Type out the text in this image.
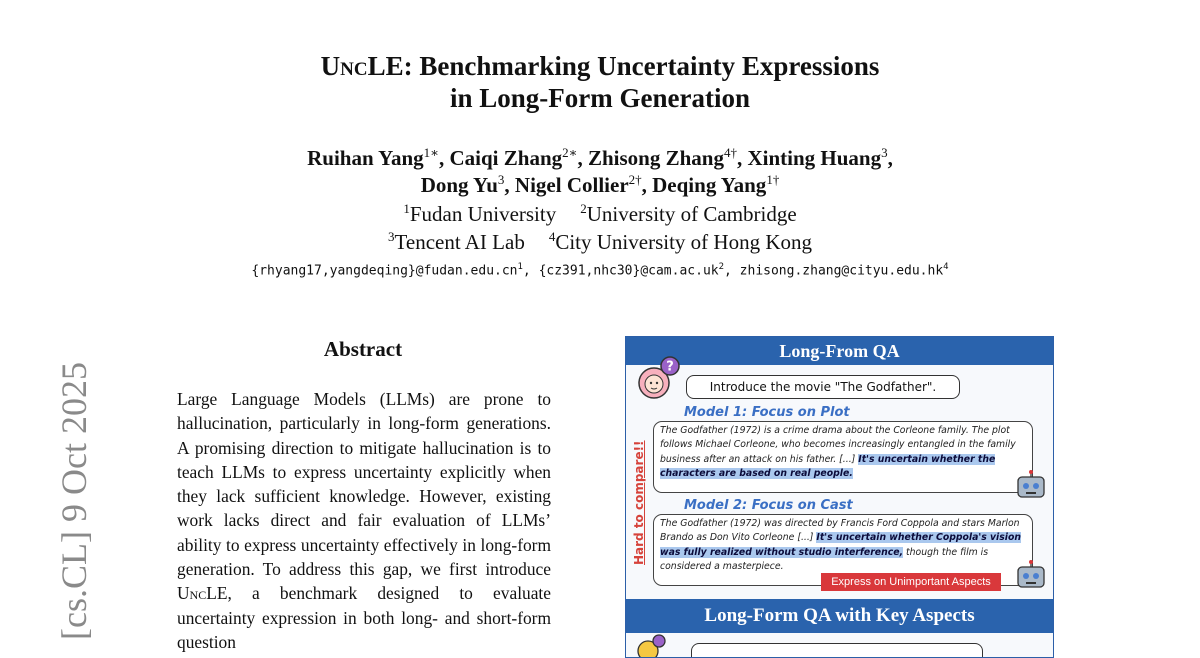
UncLE: Benchmarking Uncertainty Expressions
in Long-Form Generation
Ruihan Yang$^{1∗}$, Caiqi Zhang$^{2∗}$, Zhisong Zhang$^{4\dagger}$, Xinting Huang$^3$,
Dong Yu$^3$, Nigel Collier$^{2\dagger}$, Deqing Yang$^{1\dagger}$
$^1$Fudan University $^2$University of Cambridge
$^3$Tencent AI Lab $^4$City University of Hong Kong
$\{rhyang17,yangdeqing\}@fudan.edu.cn^1$, $\{cz391,nhc30\}@cam.ac.uk^2$, $zhisong.zhang@cityu.edu.hk^4$
[cs.CL] 9 Oct 2025
Abstract
Large Language Models (LLMs) are prone to hallucination, particularly in long-form generations. A promising direction to mitigate hallucination is to teach LLMs to express uncertainty explicitly when they lack sufficient knowledge. However, existing work lacks direct and fair evaluation of LLMs’ ability to express uncertainty effectively in long-form generation. To address this gap, we first introduce UncLE, a benchmark designed to evaluate uncertainty expression in both long- and short-form question
Long-From QA
?
Introduce the movie "The Godfather".
Model 1: Focus on Plot
The Godfather (1972) is a crime drama about the Corleone family. The plot follows Michael Corleone, who becomes increasingly entangled in the family business after an attack on his father. [...] It's uncertain whether the characters are based on real people.
Model 2: Focus on Cast
The Godfather (1972) was directed by Francis Ford Coppola and stars Marlon Brando as Don Vito Corleone [...] It's uncertain whether Coppola's vision was fully realized without studio interference, though the film is considered a masterpiece.
Hard to compare!!
Express on Unimportant Aspects
Long-Form QA with Key Aspects
